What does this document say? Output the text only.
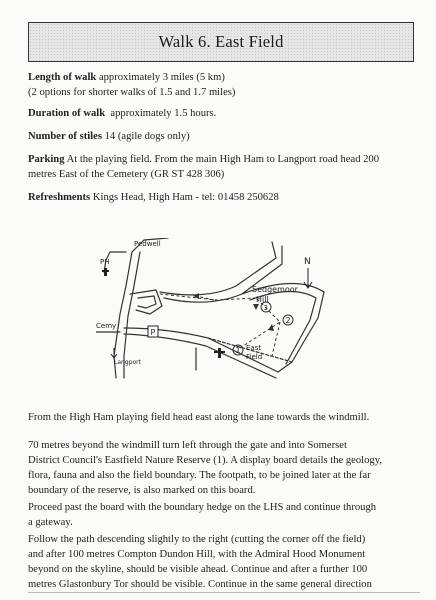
Walk 6. East Field
Length of walk approximately 3 miles (5 km)
(2 options for shorter walks of 1.5 and 1.7 miles)
Duration of walk approximately 1.5 hours.
Number of stiles 14 (agile dogs only)
Parking At the playing field. From the main High Ham to Langport road head 200
metres East of the Cemetery (GR ST 428 306)
Refreshments Kings Head, High Ham - tel: 01458 250628
1
2
3
N
P
Pedwell
PH
Sedgemoor
Hill
Cemy
East
Field
Langport
From the High Ham playing field head east along the lane towards the windmill.
70 metres beyond the windmill turn left through the gate and into Somerset
District Council's Eastfield Nature Reserve (1). A display board details the geology,
flora, fauna and also the field boundary. The footpath, to be joined later at the far
boundary of the reserve, is also marked on this board.
Proceed past the board with the boundary hedge on the LHS and continue through
a gateway.
Follow the path descending slightly to the right (cutting the corner off the field)
and after 100 metres Compton Dundon Hill, with the Admiral Hood Monument
beyond on the skyline, should be visible ahead. Continue and after a further 100
metres Glastonbury Tor should be visible. Continue in the same general direction
